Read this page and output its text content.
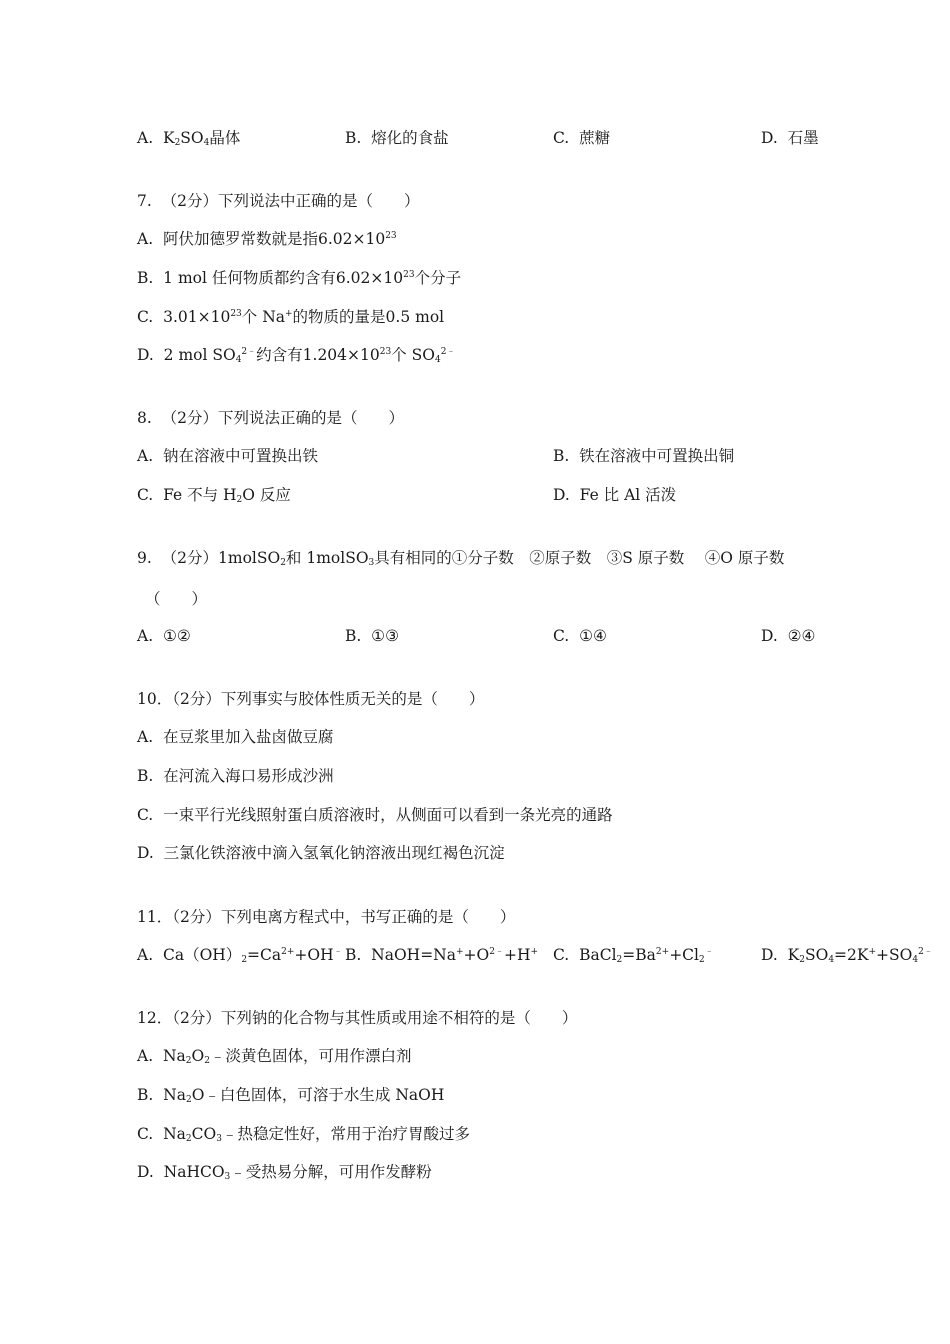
A.  $K_2SO_4$晶体	B.  熔化的食盐	C.  蔗糖	D.  石墨
7.  （2分）下列说法中正确的是（　　）
A.  阿伏加德罗常数就是指$6.02\times 10^{23}$
B.  1 mol 任何物质都约含有$6.02\times 10^{23}$个分子
C.  $3.01\times 10^{23}$个 Na+的物质的量是0.5 mol
D.  2 mol $SO_4^{2﹣}$约含有$1.204\times 10^{23}$个 $SO_4^{2﹣}$
8.  （2分）下列说法正确的是（　　）
A.  钠在溶液中可置换出铁	B.  铁在溶液中可置换出铜
C.  Fe 不与 $H_2O$ 反应	D.  Fe 比 Al 活泼
9.  （2分）1molSO$_2$和 1molSO$_3$具有相同的①分子数　②原子数　③S 原子数　 ④O 原子数
（　　）
A.  ①②	B.  ①③	C.  ①④	D.  ②④
10．（2分）下列事实与胶体性质无关的是（　　）
A.  在豆浆里加入盐卤做豆腐
B.  在河流入海口易形成沙洲
C.  一束平行光线照射蛋白质溶液时，从侧面可以看到一条光亮的通路
D.  三氯化铁溶液中滴入氢氧化钠溶液出现红褐色沉淀
11．（2分）下列电离方程式中，书写正确的是（　　）
A.  $Ca(OH)_2=Ca^{2+}+OH^﹣$ B.  $NaOH=Na^++O^{2﹣}+H^+$ C.  $BaCl_2=Ba^{2+}+Cl_2^﹣$	D.  $K_2SO_4=2K^++SO_4^{2﹣}$
12．（2分）下列钠的化合物与其性质或用途不相符的是（　　）
A.  $Na_2O_2﹣$淡黄色固体，可用作漂白剂
B.  $Na_2O﹣$白色固体，可溶于水生成 NaOH
C.  $Na_2CO_3﹣$热稳定性好，常用于治疗胃酸过多
D.  NaHCO$_3$﹣受热易分解，可用作发酵粉
